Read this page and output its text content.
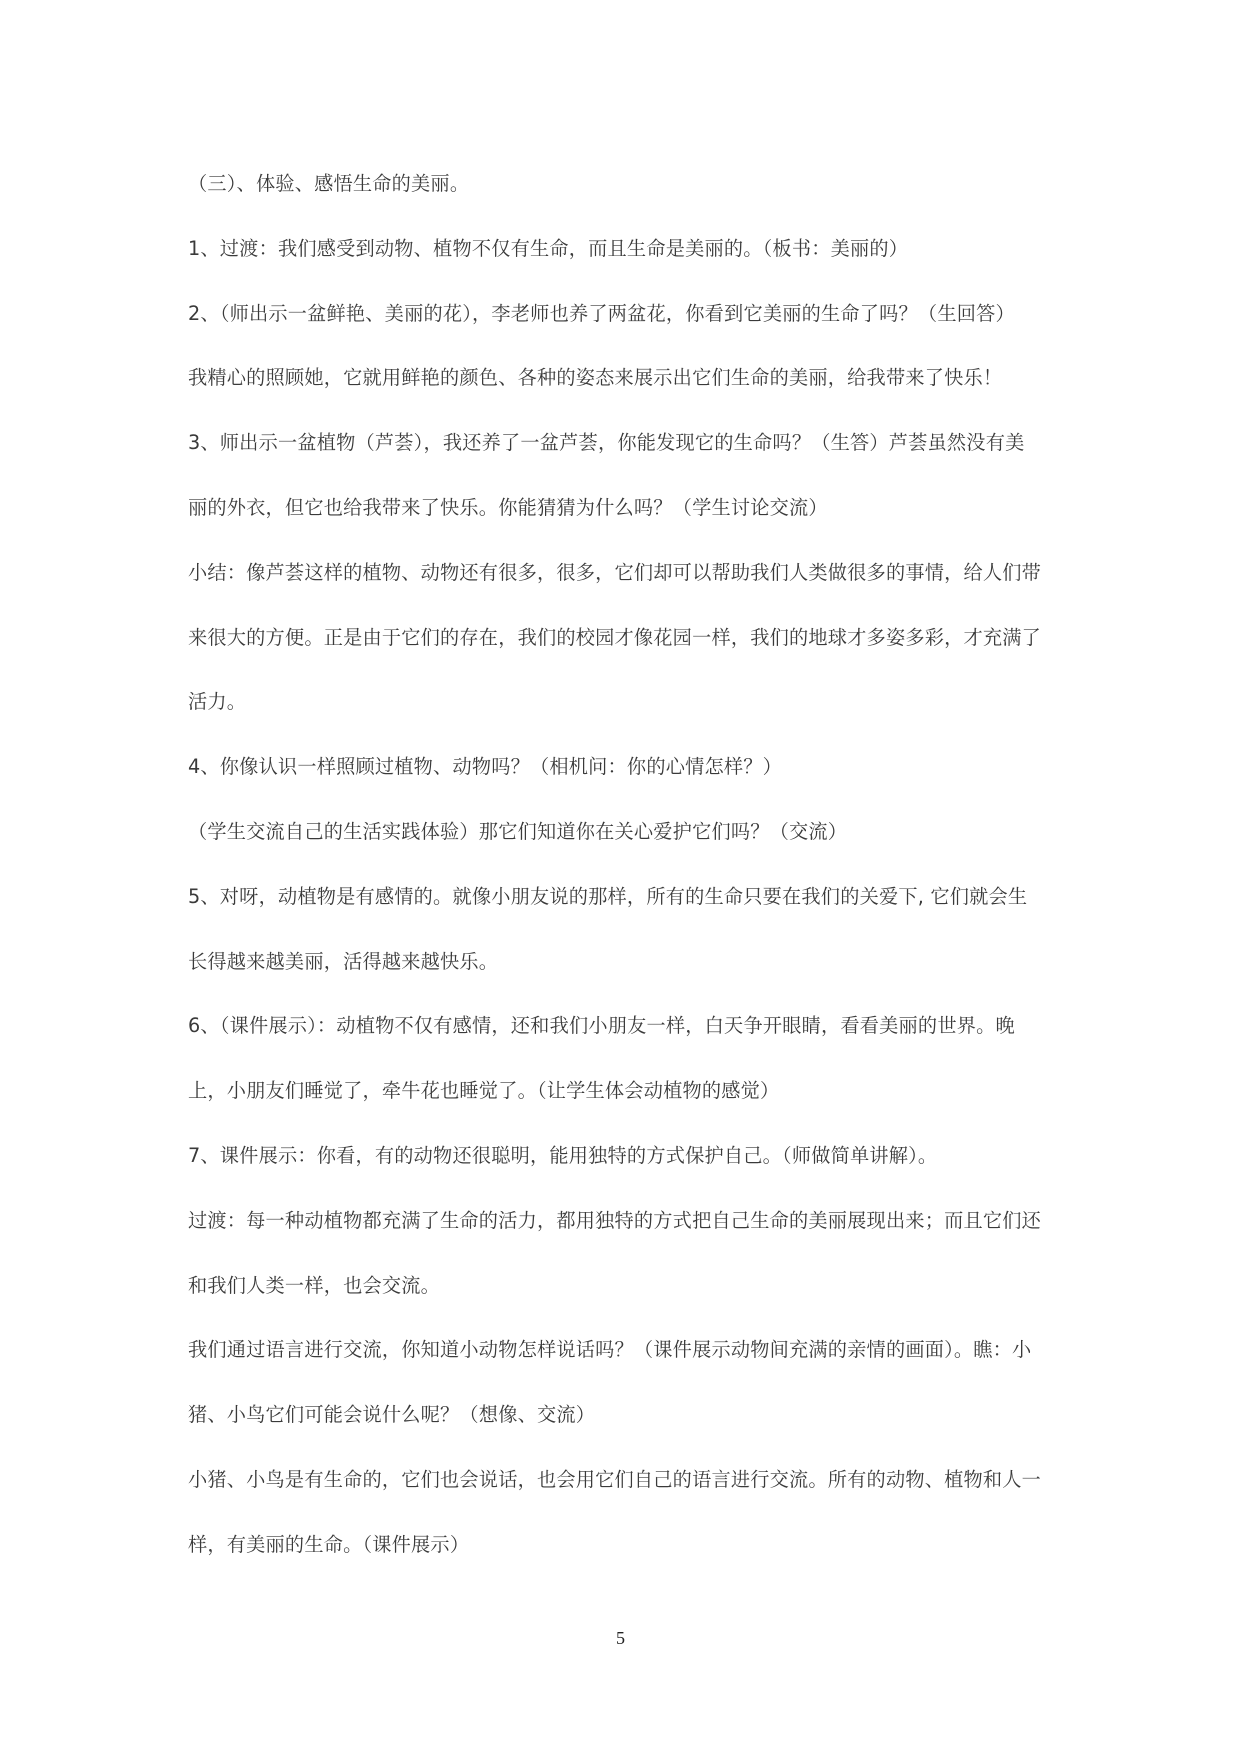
（三）、体验、感悟生命的美丽。
1、过渡：我们感受到动物、植物不仅有生命，而且生命是美丽的。（板书：美丽的）
2、（师出示一盆鲜艳、美丽的花），李老师也养了两盆花，你看到它美丽的生命了吗？（生回答）
我精心的照顾她，它就用鲜艳的颜色、各种的姿态来展示出它们生命的美丽，给我带来了快乐！
3、师出示一盆植物（芦荟），我还养了一盆芦荟，你能发现它的生命吗？（生答）芦荟虽然没有美
丽的外衣，但它也给我带来了快乐。你能猜猜为什么吗？（学生讨论交流）
小结：像芦荟这样的植物、动物还有很多，很多，它们却可以帮助我们人类做很多的事情，给人们带
来很大的方便。正是由于它们的存在，我们的校园才像花园一样，我们的地球才多姿多彩，才充满了
活力。
4、你像认识一样照顾过植物、动物吗？（相机问：你的心情怎样？）
（学生交流自己的生活实践体验）那它们知道你在关心爱护它们吗？（交流）
5、对呀，动植物是有感情的。就像小朋友说的那样，所有的生命只要在我们的关爱下, 它们就会生
长得越来越美丽，活得越来越快乐。
6、（课件展示）：动植物不仅有感情，还和我们小朋友一样，白天争开眼睛，看看美丽的世界。晚
上，小朋友们睡觉了，牵牛花也睡觉了。（让学生体会动植物的感觉）
7、课件展示：你看，有的动物还很聪明，能用独特的方式保护自己。（师做简单讲解）。
过渡：每一种动植物都充满了生命的活力，都用独特的方式把自己生命的美丽展现出来；而且它们还
和我们人类一样，也会交流。
我们通过语言进行交流，你知道小动物怎样说话吗？（课件展示动物间充满的亲情的画面）。瞧：小
猪、小鸟它们可能会说什么呢？（想像、交流）
小猪、小鸟是有生命的，它们也会说话，也会用它们自己的语言进行交流。所有的动物、植物和人一
样，有美丽的生命。（课件展示）
5
